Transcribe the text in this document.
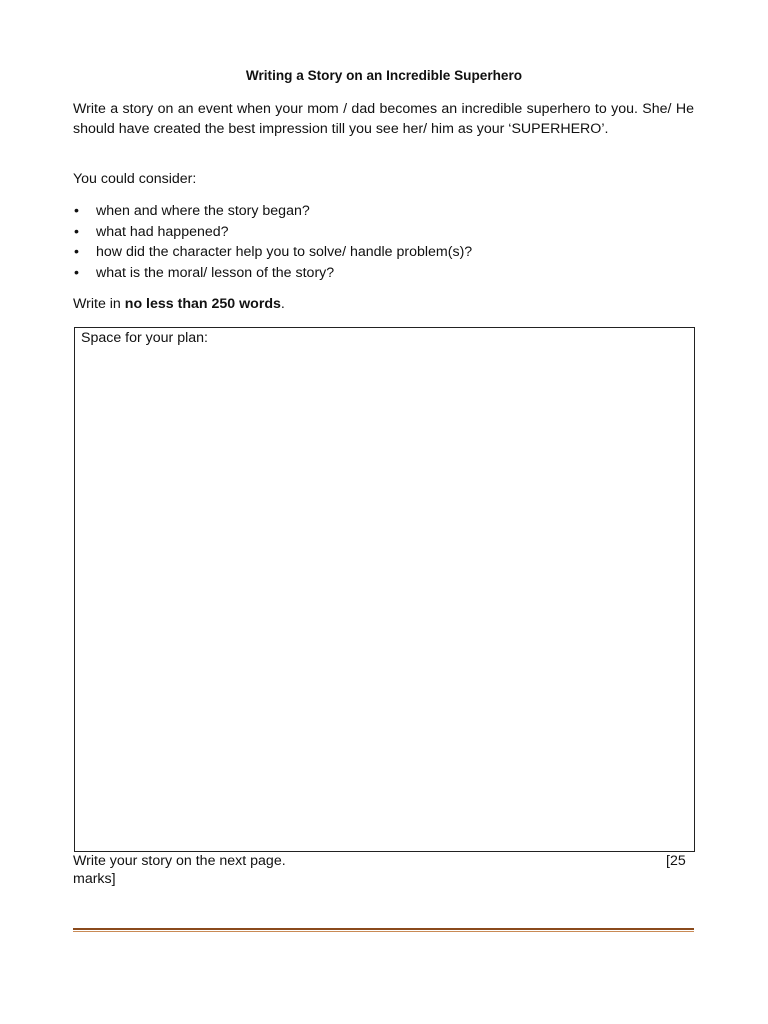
Writing a Story on an Incredible Superhero

Write a story on an event when your mom / dad becomes an incredible superhero to you. She/ He should have created the best impression till you see her/ him as your ‘SUPERHERO’.

You could consider:

• when and where the story began?
• what had happened?
• how did the character help you to solve/ handle problem(s)?
• what is the moral/ lesson of the story?

Write in no less than 250 words.

Space for your plan:
Write your story on the next page.	[25
marks]
